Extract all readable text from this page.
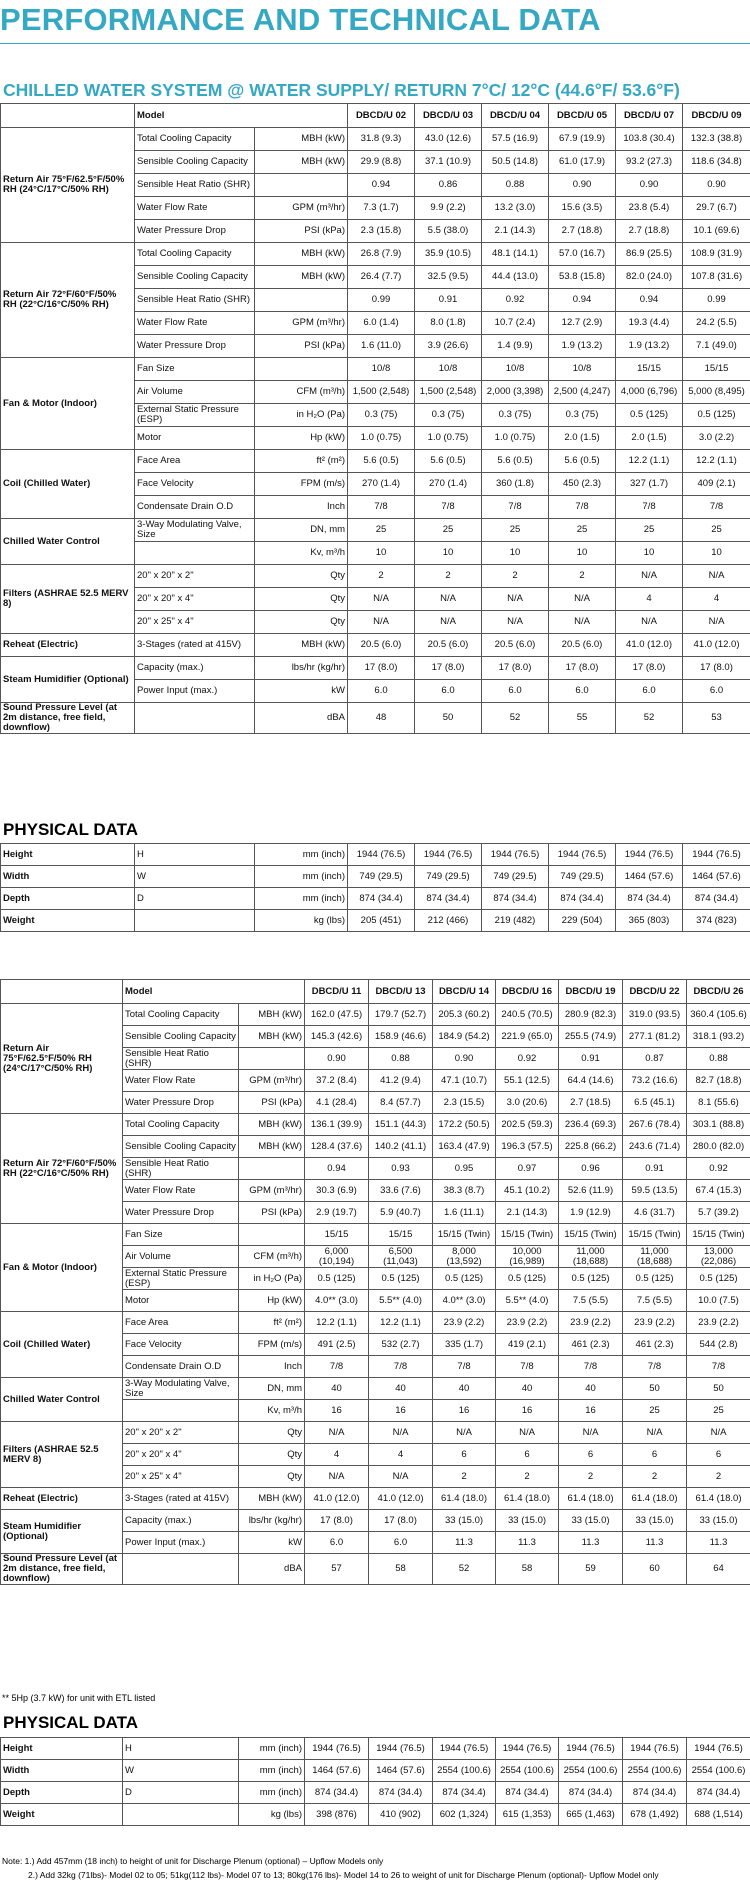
PERFORMANCE AND TECHNICAL DATA
CHILLED WATER SYSTEM @ WATER SUPPLY/ RETURN 7°C/ 12°C (44.6°F/ 53.6°F)
	Model		DBCD/U 02	DBCD/U 03	DBCD/U 04	DBCD/U 05	DBCD/U 07	DBCD/U 09
Return Air 75°F/62.5°F/50% RH (24°C/17°C/50% RH)	Total Cooling Capacity	MBH (kW)	31.8 (9.3)	43.0 (12.6)	57.5 (16.9)	67.9 (19.9)	103.8 (30.4)	132.3 (38.8)
	Sensible Cooling Capacity	MBH (kW)	29.9 (8.8)	37.1 (10.9)	50.5 (14.8)	61.0 (17.9)	93.2 (27.3)	118.6 (34.8)
	Sensible Heat Ratio (SHR)		0.94	0.86	0.88	0.90	0.90	0.90
	Water Flow Rate	GPM (m³/hr)	7.3 (1.7)	9.9 (2.2)	13.2 (3.0)	15.6 (3.5)	23.8 (5.4)	29.7 (6.7)
	Water Pressure Drop	PSI (kPa)	2.3 (15.8)	5.5 (38.0)	2.1 (14.3)	2.7 (18.8)	2.7 (18.8)	10.1 (69.6)
Return Air 72°F/60°F/50% RH (22°C/16°C/50% RH)	Total Cooling Capacity	MBH (kW)	26.8 (7.9)	35.9 (10.5)	48.1 (14.1)	57.0 (16.7)	86.9 (25.5)	108.9 (31.9)
	Sensible Cooling Capacity	MBH (kW)	26.4 (7.7)	32.5 (9.5)	44.4 (13.0)	53.8 (15.8)	82.0 (24.0)	107.8 (31.6)
	Sensible Heat Ratio (SHR)		0.99	0.91	0.92	0.94	0.94	0.99
	Water Flow Rate	GPM (m³/hr)	6.0 (1.4)	8.0 (1.8)	10.7 (2.4)	12.7 (2.9)	19.3 (4.4)	24.2 (5.5)
	Water Pressure Drop	PSI (kPa)	1.6 (11.0)	3.9 (26.6)	1.4 (9.9)	1.9 (13.2)	1.9 (13.2)	7.1 (49.0)
Fan & Motor (Indoor)	Fan Size		10/8	10/8	10/8	10/8	15/15	15/15
	Air Volume	CFM (m³/h)	1,500 (2,548)	1,500 (2,548)	2,000 (3,398)	2,500 (4,247)	4,000 (6,796)	5,000 (8,495)
	External Static Pressure (ESP)	in H₂O (Pa)	0.3 (75)	0.3 (75)	0.3 (75)	0.3 (75)	0.5 (125)	0.5 (125)
	Motor	Hp (kW)	1.0 (0.75)	1.0 (0.75)	1.0 (0.75)	2.0 (1.5)	2.0 (1.5)	3.0 (2.2)
Coil (Chilled Water)	Face Area	ft² (m²)	5.6 (0.5)	5.6 (0.5)	5.6 (0.5)	5.6 (0.5)	12.2 (1.1)	12.2 (1.1)
	Face Velocity	FPM (m/s)	270 (1.4)	270 (1.4)	360 (1.8)	450 (2.3)	327 (1.7)	409 (2.1)
	Condensate Drain O.D	Inch	7/8	7/8	7/8	7/8	7/8	7/8
Chilled Water Control	3-Way Modulating Valve, Size	DN, mm	25	25	25	25	25	25
		Kv, m³/h	10	10	10	10	10	10
Filters (ASHRAE 52.5 MERV 8)	20" x 20" x 2"	Qty	2	2	2	2	N/A	N/A
	20" x 20" x 4"	Qty	N/A	N/A	N/A	N/A	4	4
	20" x 25" x 4"	Qty	N/A	N/A	N/A	N/A	N/A	N/A
Reheat (Electric)	3-Stages (rated at 415V)	MBH (kW)	20.5 (6.0)	20.5 (6.0)	20.5 (6.0)	20.5 (6.0)	41.0 (12.0)	41.0 (12.0)
Steam Humidifier (Optional)	Capacity (max.)	lbs/hr (kg/hr)	17 (8.0)	17 (8.0)	17 (8.0)	17 (8.0)	17 (8.0)	17 (8.0)
	Power Input (max.)	kW	6.0	6.0	6.0	6.0	6.0	6.0
Sound Pressure Level (at 2m distance, free field, downflow)		dBA	48	50	52	55	52	53
PHYSICAL DATA
Height	H	mm (inch)	1944 (76.5)	1944 (76.5)	1944 (76.5)	1944 (76.5)	1944 (76.5)	1944 (76.5)
Width	W	mm (inch)	749 (29.5)	749 (29.5)	749 (29.5)	749 (29.5)	1464 (57.6)	1464 (57.6)
Depth	D	mm (inch)	874 (34.4)	874 (34.4)	874 (34.4)	874 (34.4)	874 (34.4)	874 (34.4)
Weight		kg (lbs)	205 (451)	212 (466)	219 (482)	229 (504)	365 (803)	374 (823)
	Model		DBCD/U 11	DBCD/U 13	DBCD/U 14	DBCD/U 16	DBCD/U 19	DBCD/U 22	DBCD/U 26
Return Air 75°F/62.5°F/50% RH (24°C/17°C/50% RH)	Total Cooling Capacity	MBH (kW)	162.0 (47.5)	179.7 (52.7)	205.3 (60.2)	240.5 (70.5)	280.9 (82.3)	319.0 (93.5)	360.4 (105.6)
	Sensible Cooling Capacity	MBH (kW)	145.3 (42.6)	158.9 (46.6)	184.9 (54.2)	221.9 (65.0)	255.5 (74.9)	277.1 (81.2)	318.1 (93.2)
	Sensible Heat Ratio (SHR)		0.90	0.88	0.90	0.92	0.91	0.87	0.88
	Water Flow Rate	GPM (m³/hr)	37.2 (8.4)	41.2 (9.4)	47.1 (10.7)	55.1 (12.5)	64.4 (14.6)	73.2 (16.6)	82.7 (18.8)
	Water Pressure Drop	PSI (kPa)	4.1 (28.4)	8.4 (57.7)	2.3 (15.5)	3.0 (20.6)	2.7 (18.5)	6.5 (45.1)	8.1 (55.6)
Return Air 72°F/60°F/50% RH (22°C/16°C/50% RH)	Total Cooling Capacity	MBH (kW)	136.1 (39.9)	151.1 (44.3)	172.2 (50.5)	202.5 (59.3)	236.4 (69.3)	267.6 (78.4)	303.1 (88.8)
	Sensible Cooling Capacity	MBH (kW)	128.4 (37.6)	140.2 (41.1)	163.4 (47.9)	196.3 (57.5)	225.8 (66.2)	243.6 (71.4)	280.0 (82.0)
	Sensible Heat Ratio (SHR)		0.94	0.93	0.95	0.97	0.96	0.91	0.92
	Water Flow Rate	GPM (m³/hr)	30.3 (6.9)	33.6 (7.6)	38.3 (8.7)	45.1 (10.2)	52.6 (11.9)	59.5 (13.5)	67.4 (15.3)
	Water Pressure Drop	PSI (kPa)	2.9 (19.7)	5.9 (40.7)	1.6 (11.1)	2.1 (14.3)	1.9 (12.9)	4.6 (31.7)	5.7 (39.2)
Fan & Motor (Indoor)	Fan Size		15/15	15/15	15/15 (Twin)	15/15 (Twin)	15/15 (Twin)	15/15 (Twin)	15/15 (Twin)
	Air Volume	CFM (m³/h)	6,000 (10,194)	6,500 (11,043)	8,000 (13,592)	10,000 (16,989)	11,000 (18,688)	11,000 (18,688)	13,000 (22,086)
	External Static Pressure (ESP)	in H₂O (Pa)	0.5 (125)	0.5 (125)	0.5 (125)	0.5 (125)	0.5 (125)	0.5 (125)	0.5 (125)
	Motor	Hp (kW)	4.0** (3.0)	5.5** (4.0)	4.0** (3.0)	5.5** (4.0)	7.5 (5.5)	7.5 (5.5)	10.0 (7.5)
Coil (Chilled Water)	Face Area	ft² (m²)	12.2 (1.1)	12.2 (1.1)	23.9 (2.2)	23.9 (2.2)	23.9 (2.2)	23.9 (2.2)	23.9 (2.2)
	Face Velocity	FPM (m/s)	491 (2.5)	532 (2.7)	335 (1.7)	419 (2.1)	461 (2.3)	461 (2.3)	544 (2.8)
	Condensate Drain O.D	Inch	7/8	7/8	7/8	7/8	7/8	7/8	7/8
Chilled Water Control	3-Way Modulating Valve, Size	DN, mm	40	40	40	40	40	50	50
		Kv, m³/h	16	16	16	16	16	25	25
Filters (ASHRAE 52.5 MERV 8)	20" x 20" x 2"	Qty	N/A	N/A	N/A	N/A	N/A	N/A	N/A
	20" x 20" x 4"	Qty	4	4	6	6	6	6	6
	20" x 25" x 4"	Qty	N/A	N/A	2	2	2	2	2
Reheat (Electric)	3-Stages (rated at 415V)	MBH (kW)	41.0 (12.0)	41.0 (12.0)	61.4 (18.0)	61.4 (18.0)	61.4 (18.0)	61.4 (18.0)	61.4 (18.0)
Steam Humidifier (Optional)	Capacity (max.)	lbs/hr (kg/hr)	17 (8.0)	17 (8.0)	33 (15.0)	33 (15.0)	33 (15.0)	33 (15.0)	33 (15.0)
	Power Input (max.)	kW	6.0	6.0	11.3	11.3	11.3	11.3	11.3
Sound Pressure Level (at 2m distance, free field, downflow)		dBA	57	58	52	58	59	60	64
** 5Hp (3.7 kW) for unit with ETL listed
PHYSICAL DATA
Height	H	mm (inch)	1944 (76.5)	1944 (76.5)	1944 (76.5)	1944 (76.5)	1944 (76.5)	1944 (76.5)	1944 (76.5)
Width	W	mm (inch)	1464 (57.6)	1464 (57.6)	2554 (100.6)	2554 (100.6)	2554 (100.6)	2554 (100.6)	2554 (100.6)
Depth	D	mm (inch)	874 (34.4)	874 (34.4)	874 (34.4)	874 (34.4)	874 (34.4)	874 (34.4)	874 (34.4)
Weight		kg (lbs)	398 (876)	410 (902)	602 (1,324)	615 (1,353)	665 (1,463)	678 (1,492)	688 (1,514)
Note: 1.) Add 457mm (18 inch) to height of unit for Discharge Plenum (optional) – Upflow Models only
2.) Add 32kg (71lbs)- Model 02 to 05; 51kg(112 lbs)- Model 07 to 13; 80kg(176 lbs)- Model 14 to 26 to weight of unit for Discharge Plenum (optional)- Upflow Model only
